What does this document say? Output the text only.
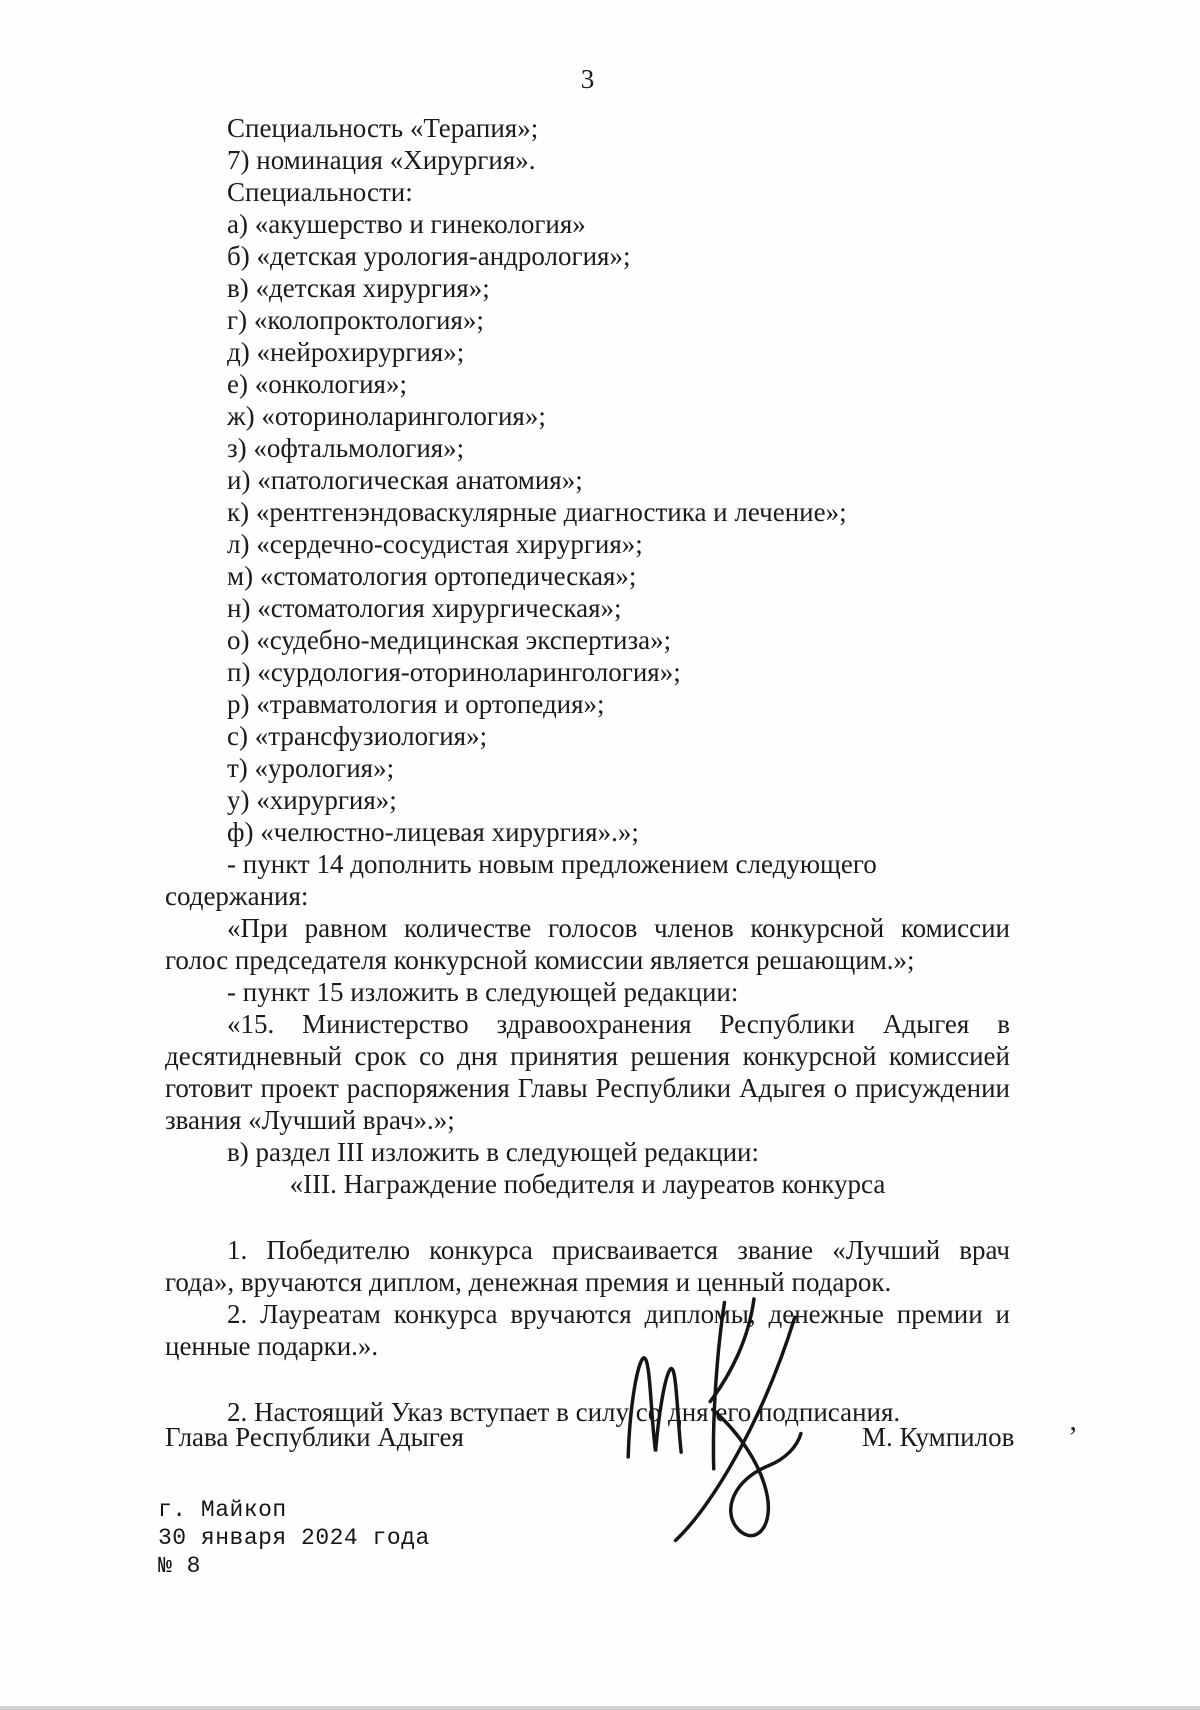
3
Специальность «Терапия»;
7) номинация «Хирургия».
Специальности:
а) «акушерство и гинекология»
б) «детская урология-андрология»;
в) «детская хирургия»;
г) «колопроктология»;
д) «нейрохирургия»;
е) «онкология»;
ж) «оториноларингология»;
з) «офтальмология»;
и) «патологическая анатомия»;
к) «рентгенэндоваскулярные диагностика и лечение»;
л) «сердечно-сосудистая хирургия»;
м) «стоматология ортопедическая»;
н) «стоматология хирургическая»;
о) «судебно-медицинская экспертиза»;
п) «сурдология-оториноларингология»;
р) «травматология и ортопедия»;
с) «трансфузиология»;
т) «урология»;
у) «хирургия»;
ф) «челюстно-лицевая хирургия».»;
- пункт 14 дополнить новым предложением следующего содержания:
«При равном количестве голосов членов конкурсной комиссии голос председателя конкурсной комиссии является решающим.»;
- пункт 15 изложить в следующей редакции:
«15. Министерство здравоохранения Республики Адыгея в десятидневный срок со дня принятия решения конкурсной комиссией готовит проект распоряжения Главы Республики Адыгея о присуждении звания «Лучший врач».»;
в) раздел III изложить в следующей редакции:
«III. Награждение победителя и лауреатов конкурса
1. Победителю конкурса присваивается звание «Лучший врач года», вручаются диплом, денежная премия и ценный подарок.
2. Лауреатам конкурса вручаются дипломы, денежные премии и ценные подарки.».
2. Настоящий Указ вступает в силу со дня его подписания.
Глава Республики Адыгея	М. Кумпилов ‚
г. Майкоп
30 января 2024 года
№ 8
